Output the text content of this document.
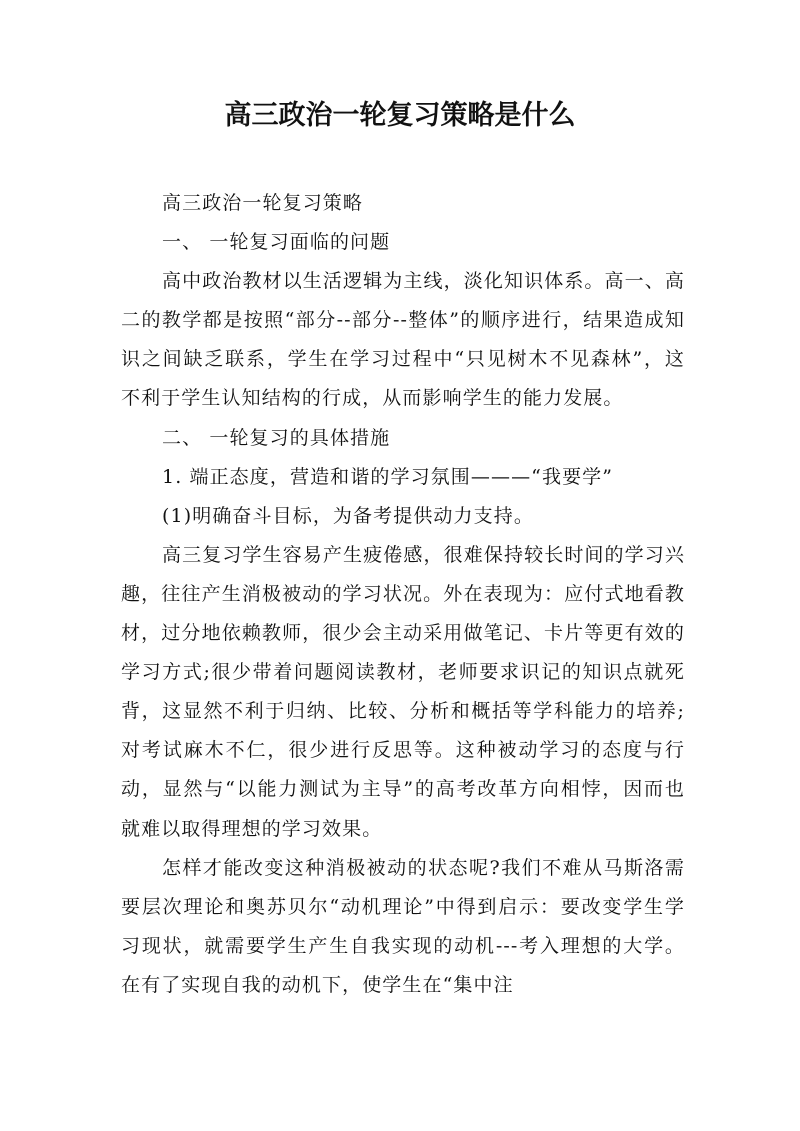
高三政治一轮复习策略是什么

高三政治一轮复习策略

一、 一轮复习面临的问题

高中政治教材以生活逻辑为主线，淡化知识体系。高一、高二的教学都是按照“部分--部分--整体”的顺序进行，结果造成知识之间缺乏联系，学生在学习过程中“只见树木不见森林”，这不利于学生认知结构的行成，从而影响学生的能力发展。

二、 一轮复习的具体措施

1. 端正态度，营造和谐的学习氛围———“我要学”

(1)明确奋斗目标，为备考提供动力支持。

高三复习学生容易产生疲倦感，很难保持较长时间的学习兴趣，往往产生消极被动的学习状况。外在表现为：应付式地看教材，过分地依赖教师，很少会主动采用做笔记、卡片等更有效的学习方式;很少带着问题阅读教材，老师要求识记的知识点就死背，这显然不利于归纳、比较、分析和概括等学科能力的培养;对考试麻木不仁，很少进行反思等。这种被动学习的态度与行动，显然与“以能力测试为主导”的高考改革方向相悖，因而也就难以取得理想的学习效果。

怎样才能改变这种消极被动的状态呢?我们不难从马斯洛需要层次理论和奥苏贝尔“动机理论”中得到启示：要改变学生学习现状，就需要学生产生自我实现的动机---考入理想的大学。在有了实现自我的动机下，使学生在“集中注
